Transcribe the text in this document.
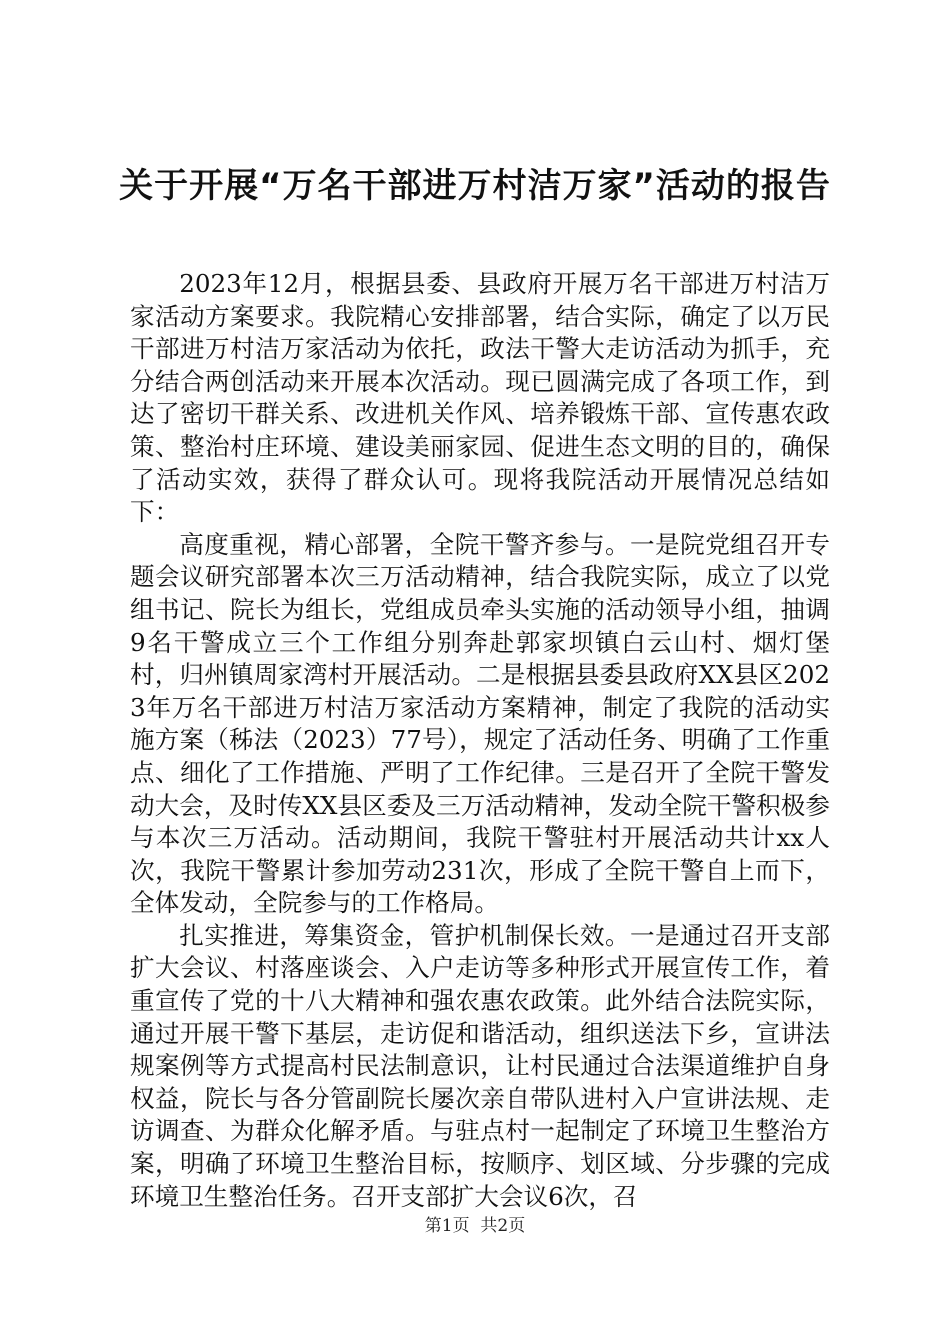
关于开展“万名干部进万村洁万家”活动的报告

2023年12月，根据县委、县政府开展万名干部进万村洁万家活动方案要求。我院精心安排部署，结合实际，确定了以万民干部进万村洁万家活动为依托，政法干警大走访活动为抓手，充分结合两创活动来开展本次活动。现已圆满完成了各项工作，到达了密切干群关系、改进机关作风、培养锻炼干部、宣传惠农政策、整治村庄环境、建设美丽家园、促进生态文明的目的，确保了活动实效，获得了群众认可。现将我院活动开展情况总结如下：

高度重视，精心部署，全院干警齐参与。一是院党组召开专题会议研究部署本次三万活动精神，结合我院实际，成立了以党组书记、院长为组长，党组成员牵头实施的活动领导小组，抽调9名干警成立三个工作组分别奔赴郭家坝镇白云山村、烟灯堡村，归州镇周家湾村开展活动。二是根据县委县政府XX县区2023年万名干部进万村洁万家活动方案精神，制定了我院的活动实施方案（秭法（2023）77号），规定了活动任务、明确了工作重点、细化了工作措施、严明了工作纪律。三是召开了全院干警发动大会，及时传XX县区委及三万活动精神，发动全院干警积极参与本次三万活动。活动期间，我院干警驻村开展活动共计xx人次，我院干警累计参加劳动231次，形成了全院干警自上而下，全体发动，全院参与的工作格局。

扎实推进，筹集资金，管护机制保长效。一是通过召开支部扩大会议、村落座谈会、入户走访等多种形式开展宣传工作，着重宣传了党的十八大精神和强农惠农政策。此外结合法院实际，通过开展干警下基层，走访促和谐活动，组织送法下乡，宣讲法规案例等方式提高村民法制意识，让村民通过合法渠道维护自身权益，院长与各分管副院长屡次亲自带队进村入户宣讲法规、走访调查、为群众化解矛盾。与驻点村一起制定了环境卫生整治方案，明确了环境卫生整治目标，按顺序、划区域、分步骤的完成环境卫生整治任务。召开支部扩大会议6次，召

第1页 共2页
